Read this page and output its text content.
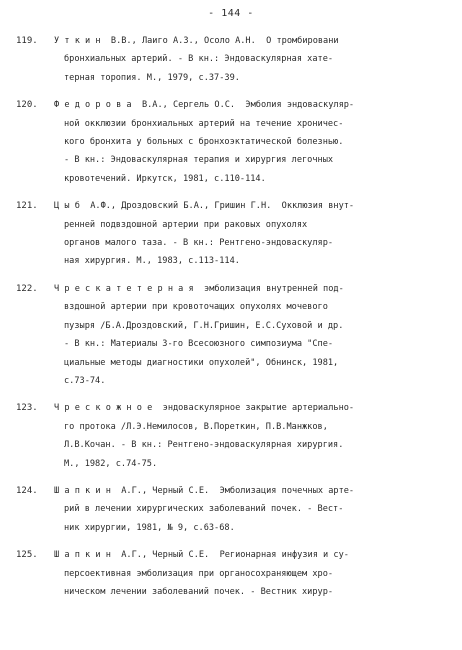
- 144 -
119.	У т к и н  В.В., Лаиго А.З., Осоло А.Н.  О тромбировани
бронхиальных артерий. - В кн.: Эндоваскулярная хате-
терная торопия. М., 1979, с.37-39.
120.	Ф е д о р о в а  В.А., Сергель О.С.  Эмболия эндоваскуляр-
ной окклюзии бронхиальных артерий на течение хроничес-
кого бронхита у больных с бронхоэктатической болезнью.
- В кн.: Эндоваскулярная терапия и хирургия легочных
кровотечений. Иркутск, 1981, с.110-114.
121.	Ц ы б  А.Ф., Дроздовский Б.А., Гришин Г.Н.  Окклюзия внут-
ренней подвздошной артерии при раковых опухолях
органов малого таза. - В кн.: Рентгено-эндоваскуляр-
ная хирургия. М., 1983, с.113-114.
122.	Ч р е с к а т е т е р н а я  эмболизация внутренней под-
вздошной артерии при кровоточащих опухолях мочевого
пузыря /Б.А.Дроздовский, Г.Н.Гришин, Е.С.Суховой и др.
- В кн.: Материалы 3-го Всесоюзного симпозиума "Спе-
циальные методы диагностики опухолей", Обнинск, 1981,
с.73-74.
123.	Ч р е с к о ж н о е  эндоваскулярное закрытие артериально-
го протока /Л.Э.Немилосов, В.Пореткин, П.В.Манжков,
Л.В.Кочан. - В кн.: Рентгено-эндоваскулярная хирургия.
М., 1982, с.74-75.
124.	Ш а п к и н  А.Г., Черный С.Е.  Эмболизация почечных арте-
рий в лечении хирургических заболеваний почек. - Вест-
ник хирургии, 1981, № 9, с.63-68.
125.	Ш а п к и н  А.Г., Черный С.Е.  Регионарная инфузия и су-
персоективная эмболизация при органосохраняющем хро-
ническом лечении заболеваний почек. - Вестник хирур-
